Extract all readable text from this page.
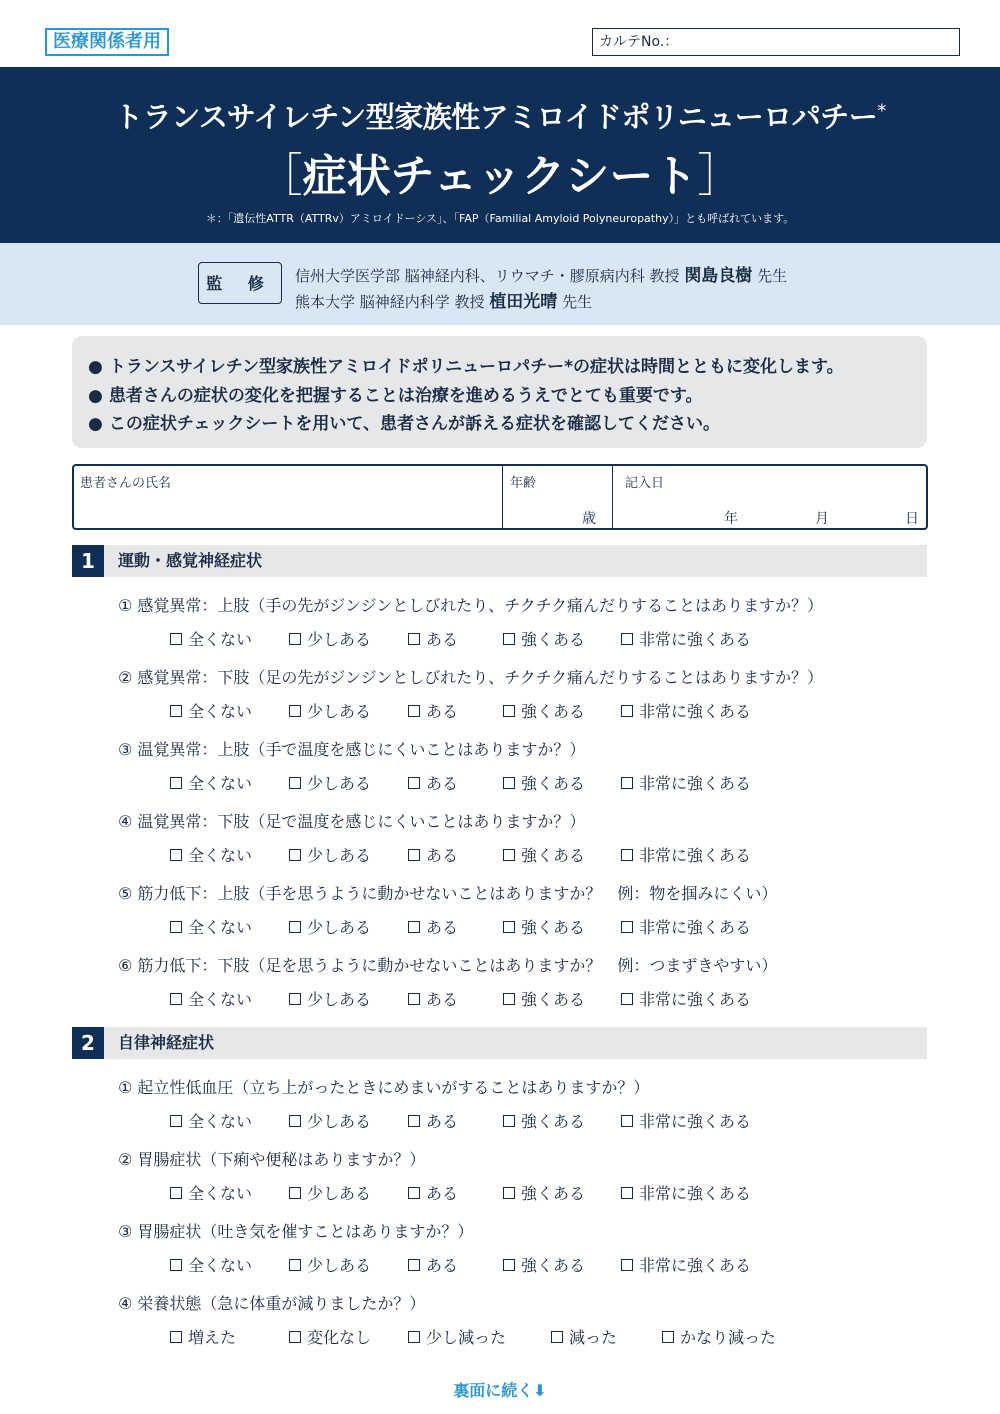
医療関係者用	カルテNo.：
トランスサイレチン型家族性アミロイドポリニューロパチー*
［症状チェックシート］
＊：「遺伝性ATTR（ATTRv）アミロイドーシス」、「FAP（Familial Amyloid Polyneuropathy）」とも呼ばれています。
監 修	信州大学医学部 脳神経内科、リウマチ・膠原病内科 教授 関島良樹 先生
熊本大学 脳神経内科学 教授 植田光晴 先生
● トランスサイレチン型家族性アミロイドポリニューロパチー*の症状は時間とともに変化します。
● 患者さんの症状の変化を把握することは治療を進めるうえでとても重要です。
● この症状チェックシートを用いて、患者さんが訴える症状を確認してください。
患者さんの氏名	年齢	記入日
歳	年	月	日
1	運動・感覚神経症状
① 感覚異常：上肢（手の先がジンジンとしびれたり、チクチク痛んだりすることはありますか？）
全くない	少しある	ある	強くある	非常に強くある
② 感覚異常：下肢（足の先がジンジンとしびれたり、チクチク痛んだりすることはありますか？）
全くない	少しある	ある	強くある	非常に強くある
③ 温覚異常：上肢（手で温度を感じにくいことはありますか？）
全くない	少しある	ある	強くある	非常に強くある
④ 温覚異常：下肢（足で温度を感じにくいことはありますか？）
全くない	少しある	ある	強くある	非常に強くある
⑤ 筋力低下：上肢（手を思うように動かせないことはありますか？　例：物を掴みにくい）
全くない	少しある	ある	強くある	非常に強くある
⑥ 筋力低下：下肢（足を思うように動かせないことはありますか？　例：つまずきやすい）
全くない	少しある	ある	強くある	非常に強くある
2	自律神経症状
① 起立性低血圧（立ち上がったときにめまいがすることはありますか？）
全くない	少しある	ある	強くある	非常に強くある
② 胃腸症状（下痢や便秘はありますか？）
全くない	少しある	ある	強くある	非常に強くある
③ 胃腸症状（吐き気を催すことはありますか？）
全くない	少しある	ある	強くある	非常に強くある
④ 栄養状態（急に体重が減りましたか？）
増えた	変化なし	少し減った	減った	かなり減った
裏面に続く⬇
